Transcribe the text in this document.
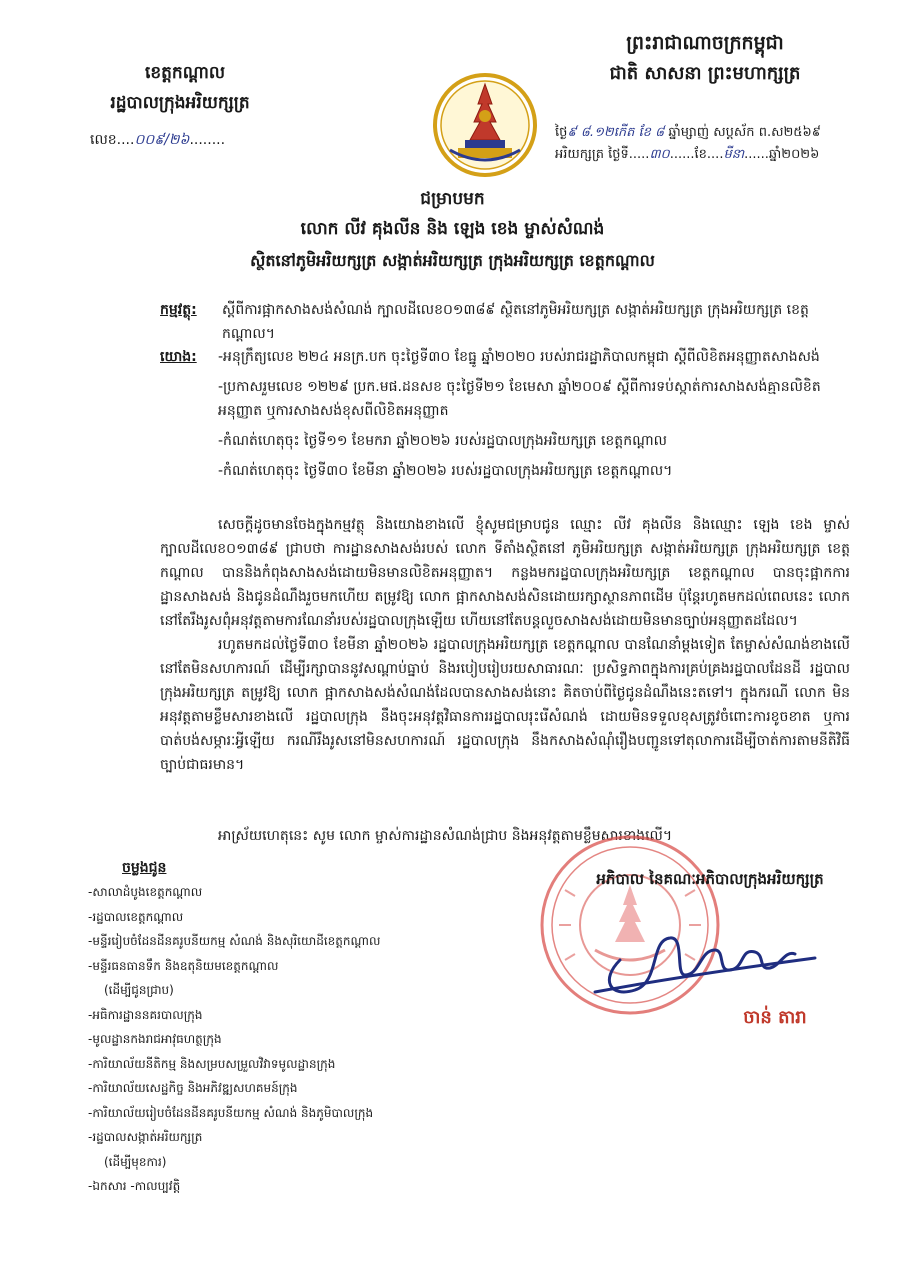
ព្រះរាជាណាចក្រកម្ពុជា
ជាតិ សាសនា ព្រះមហាក្សត្រ
ខេត្តកណ្ដាល
រដ្ឋបាលក្រុងអរិយក្សត្រ
លេខ....០០៩/២៦........	ថ្ងៃ៩ ៨.១២កើត ខែ ៨ ឆ្នាំម្សាញ់ សប្តស័ក ព.ស២៥៦៩
អរិយក្សត្រ ថ្ងៃទី.....៣០......ខែ....មីនា......ឆ្នាំ២០២៦
ជម្រាបមក
លោក លីវ គុងលីន និង ឡេង ខេង ម្ចាស់សំណង់
ស្ថិតនៅភូមិអរិយក្សត្រ សង្កាត់អរិយក្សត្រ ក្រុងអរិយក្សត្រ ខេត្តកណ្ដាល
កម្មវត្ថុ: ស្ដីពីការផ្អាកសាងសង់សំណង់ ក្បាលដីលេខ០១៣៨៩ ស្ថិតនៅភូមិអរិយក្សត្រ សង្កាត់អរិយក្សត្រ ក្រុងអរិយក្សត្រ ខេត្តកណ្ដាល។
យោង: -អនុក្រឹត្យលេខ ២២៤ អនក្រ.បក ចុះថ្ងៃទី៣០ ខែធ្នូ ឆ្នាំ២០២០ របស់រាជរដ្ឋាភិបាលកម្ពុជា ស្ដីពីលិខិតអនុញ្ញាតសាងសង់

-ប្រកាសរួមលេខ ១២២៩ ប្រក.មផ.ដនសខ ចុះថ្ងៃទី២១ ខែមេសា ឆ្នាំ២០០៩ ស្ដីពីការទប់ស្កាត់ការសាងសង់គ្មានលិខិតអនុញ្ញាត ឬការសាងសង់ខុសពីលិខិតអនុញ្ញាត

-កំណត់ហេតុចុះ ថ្ងៃទី១១ ខែមករា ឆ្នាំ២០២៦ របស់រដ្ឋបាលក្រុងអរិយក្សត្រ ខេត្តកណ្ដាល

-កំណត់ហេតុចុះ ថ្ងៃទី៣០ ខែមីនា ឆ្នាំ២០២៦ របស់រដ្ឋបាលក្រុងអរិយក្សត្រ ខេត្តកណ្ដាល។

សេចក្ដីដូចមានចែងក្នុងកម្មវត្ថុ និងយោងខាងលើ ខ្ញុំសូមជម្រាបជូន ឈ្មោះ លីវ គុងលីន និងឈ្មោះ ឡេង ខេង ម្ចាស់ក្បាលដីលេខ០១៣៨៩ ជ្រាបថា ការដ្ឋានសាងសង់របស់ លោក ទីតាំងស្ថិតនៅ ភូមិអរិយក្សត្រ សង្កាត់អរិយក្សត្រ ក្រុងអរិយក្សត្រ ខេត្តកណ្ដាល បាននិងកំពុងសាងសង់ដោយមិនមានលិខិតអនុញ្ញាត។ កន្លងមករដ្ឋបាលក្រុងអរិយក្សត្រ ខេត្តកណ្ដាល បានចុះផ្អាកការដ្ឋានសាងសង់ និងជូនដំណឹងរួចមកហើយ តម្រូវឱ្យ លោក ផ្អាកសាងសង់សិនដោយរក្សាស្ថានភាពដើម ប៉ុន្តែរហូតមកដល់ពេលនេះ លោក នៅតែរឹងរូសពុំអនុវត្តតាមការណែនាំរបស់រដ្ឋបាលក្រុងឡើយ ហើយនៅតែបន្តលួចសាងសង់ដោយមិនមានច្បាប់អនុញ្ញាតដដែល។

រហូតមកដល់ថ្ងៃទី៣០ ខែមីនា ឆ្នាំ២០២៦ រដ្ឋបាលក្រុងអរិយក្សត្រ ខេត្តកណ្ដាល បានណែនាំម្ដងទៀត តែម្ចាស់សំណង់ខាងលើនៅតែមិនសហការណ៍ ដើម្បីរក្សាបាននូវសណ្ដាប់ធ្នាប់ និងរបៀបរៀបរយសាធារណៈ ប្រសិទ្ធភាពក្នុងការគ្រប់គ្រងរដ្ឋបាលដែនដី រដ្ឋបាលក្រុងអរិយក្សត្រ តម្រូវឱ្យ លោក ផ្អាកសាងសង់សំណង់ដែលបានសាងសង់នោះ គិតចាប់ពីថ្ងៃជូនដំណឹងនេះតទៅ។ ក្នុងករណី លោក មិនអនុវត្តតាមខ្លឹមសារខាងលើ រដ្ឋបាលក្រុង នឹងចុះអនុវត្តវិធានការរដ្ឋបាលរុះរើសំណង់ ដោយមិនទទួលខុសត្រូវចំពោះការខូចខាត ឬការបាត់បង់សម្ភារៈអ្វីឡើយ ករណីរឹងរូសនៅមិនសហការណ៍ រដ្ឋបាលក្រុង នឹងកសាងសំណុំរឿងបញ្ជូនទៅតុលាការដើម្បីចាត់ការតាមនីតិវិធីច្បាប់ជាធរមាន។

អាស្រ័យហេតុនេះ សូម លោក ម្ចាស់ការដ្ឋានសំណង់ជ្រាប និងអនុវត្តតាមខ្លឹមសារខាងលើ។
ចម្លងជូន
-សាលាដំបូងខេត្តកណ្ដាល
-រដ្ឋបាលខេត្តកណ្ដាល
-មន្ទីររៀបចំដែនដីនគរូបនីយកម្ម សំណង់ និងសុរិយោដីខេត្តកណ្ដាល
-មន្ទីរធនធានទឹក និងឧតុនិយមខេត្តកណ្ដាល
(ដើម្បីជូនជ្រាប)
-អធិការដ្ឋាននគរបាលក្រុង
-មូលដ្ឋានកងរាជអាវុធហត្ថក្រុង
-ការិយាល័យនីតិកម្ម និងសម្របសម្រួលវិវាទមូលដ្ឋានក្រុង
-ការិយាល័យសេដ្ឋកិច្ច និងអភិវឌ្ឍសហគមន៍ក្រុង
-ការិយាល័យរៀបចំដែនដីនគរូបនីយកម្ម សំណង់ និងភូមិបាលក្រុង
-រដ្ឋបាលសង្កាត់អរិយក្សត្រ
(ដើម្បីមុខការ)
-ឯកសារ -កាលប្បវត្តិ
អភិបាល នៃគណៈអភិបាលក្រុងអរិយក្សត្រ
ចាន់ តារា
